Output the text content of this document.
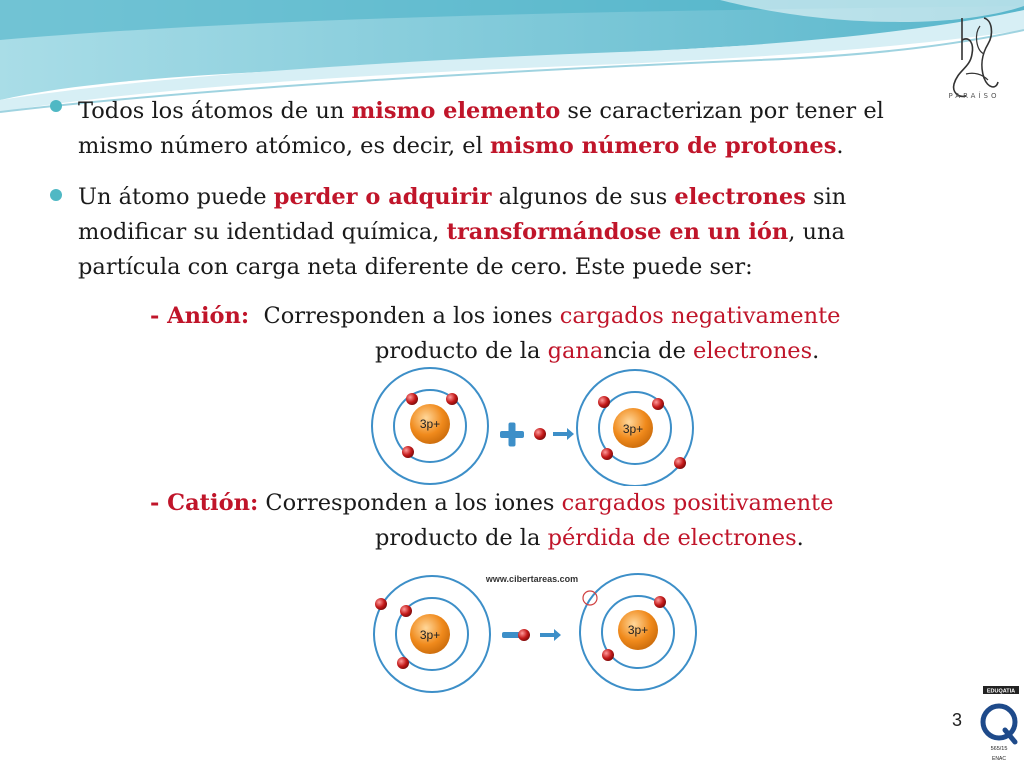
PARAÍSO
Todos los átomos de un mismo elemento se caracterizan por tener el mismo número atómico, es decir, el mismo número de protones.
Un átomo puede perder o adquirir algunos de sus electrones sin modificar su identidad química, transformándose en un ión, una partícula con carga neta diferente de cero. Este puede ser:
- Anión:  Corresponden a los iones cargados negativamente
producto de la ganancia de electrones.
3p+	3p+
- Catión: Corresponden a los iones cargados positivamente
producto de la pérdida de electrones.
www.cibertareas.com
3p+	3p+
3
EDUQATIA
565/15
ENAC
